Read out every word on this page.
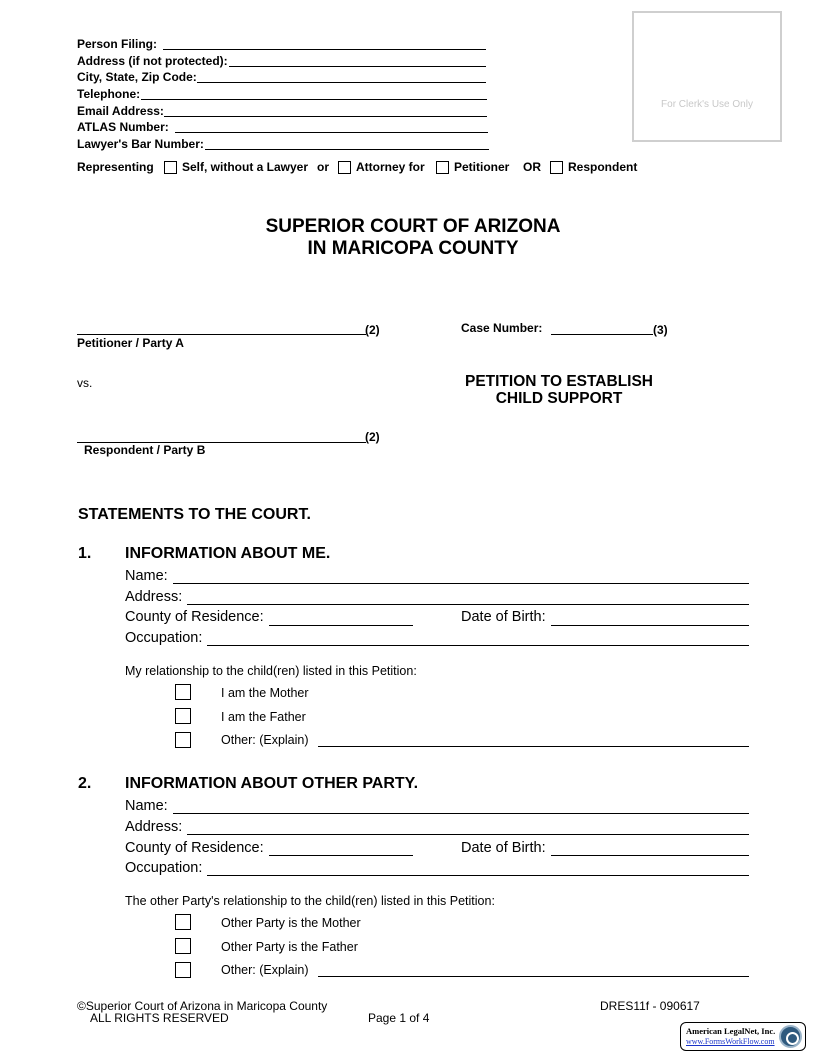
Person Filing:
Address (if not protected):
City, State, Zip Code:
Telephone:
Email Address:
ATLAS Number:
Lawyer's Bar Number:
Representing Self, without a Lawyer or Attorney for Petitioner OR Respondent
For Clerk's Use Only
SUPERIOR COURT OF ARIZONA
IN MARICOPA COUNTY
(2)
Petitioner / Party A
Case Number:	(3)
vs.	PETITION TO ESTABLISH
CHILD SUPPORT
(2)
Respondent / Party B
STATEMENTS TO THE COURT.
1. INFORMATION ABOUT ME.
Name:
Address:
County of Residence:	Date of Birth:
Occupation:
My relationship to the child(ren) listed in this Petition:
I am the Mother
I am the Father
Other: (Explain)
2. INFORMATION ABOUT OTHER PARTY.
Name:
Address:
County of Residence:	Date of Birth:
Occupation:
The other Party's relationship to the child(ren) listed in this Petition:
Other Party is the Mother
Other Party is the Father
Other: (Explain)
©Superior Court of Arizona in Maricopa County
ALL RIGHTS RESERVED	Page 1 of 4
DRES11f - 090617
American LegalNet, Inc.
www.FormsWorkFlow.com
